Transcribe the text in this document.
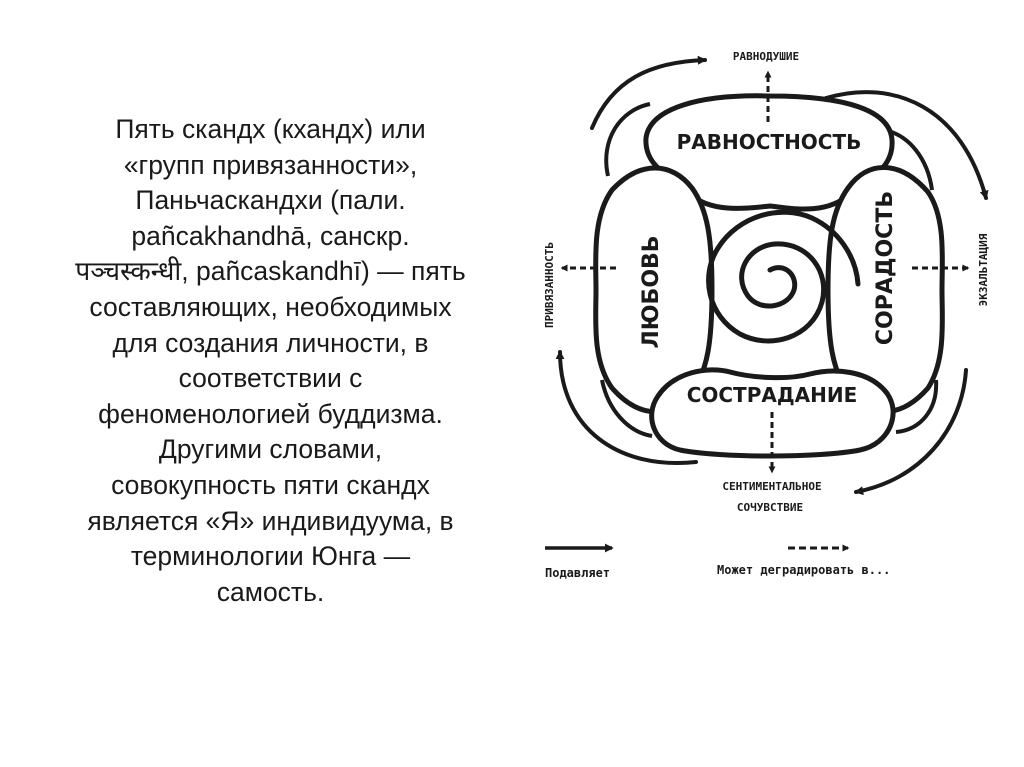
Пять скандх (кхандх) или
«групп привязанности»,
Паньчаскандхи (пали.
pañcakhandhā, санскр.
पञ्चस्कन्धी, pañcaskandhī) — пять
составляющих, необходимых
для создания личности, в
соответствии с
феноменологией буддизма.
Другими словами,
совокупность пяти скандх
является «Я» индивидуума, в
терминологии Юнга —
самость.
РАВНОСТНОСТЬ
ЛЮБОВЬ	СОРАДОСТЬ
СОСТРАДАНИЕ
РАВНОДУШИЕ
ПРИВЯЗАННОСТЬ	ЭКЗАЛЬТАЦИЯ
СЕНТИМЕНТАЛЬНОЕ
СОЧУВСТВИЕ
Подавляет	Может деградировать в...
